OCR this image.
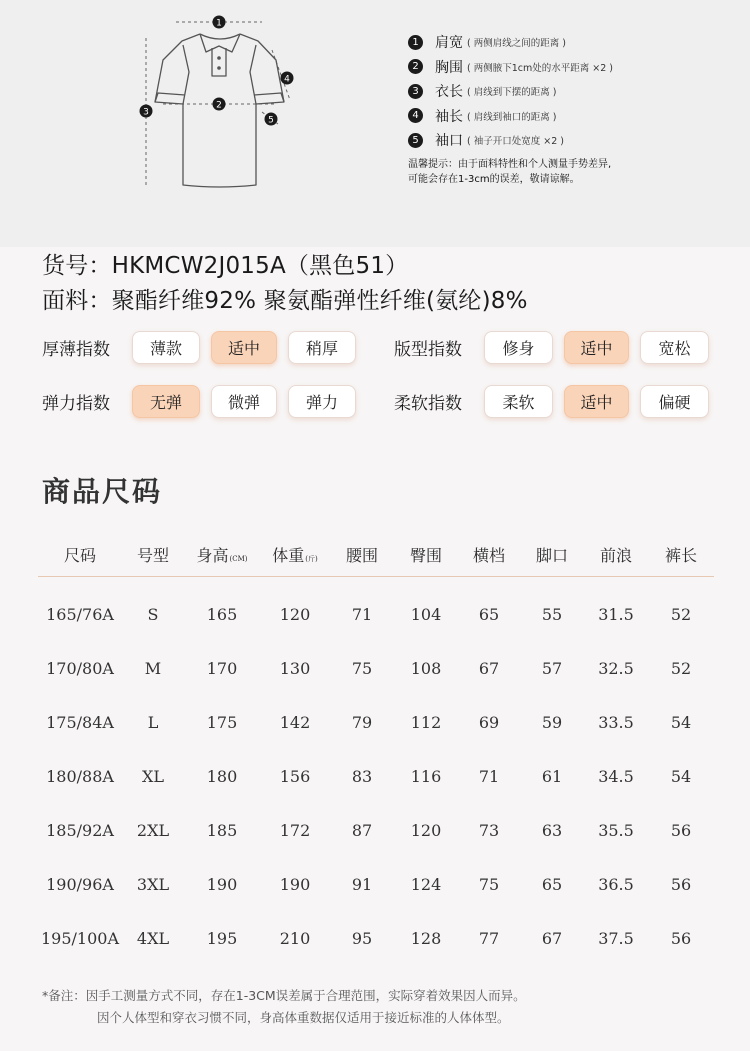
1
2
3
4
5
1	肩宽 ( 两侧肩线之间的距离 )
2	胸围 ( 两侧腋下1cm处的水平距离 ×2 )
3	衣长 ( 肩线到下摆的距离 )
4	袖长 ( 肩线到袖口的距离 )
5	袖口 ( 袖子开口处宽度 ×2 )
温馨提示：由于面料特性和个人测量手势差异,
可能会存在1-3cm的误差，敬请谅解。
货号：HKMCW2J015A（黑色51）
面料：聚酯纤维92% 聚氨酯弹性纤维(氨纶)8%
厚薄指数	薄款	适中	稍厚	版型指数	修身	适中	宽松
弹力指数	无弹	微弹	弹力	柔软指数	柔软	适中	偏硬
商品尺码
尺码	号型	身高(CM)	体重(斤)	腰围	臀围	横档	脚口	前浪	裤长
165/76A	S	165	120	71	104	65	55	31.5	52
170/80A	M	170	130	75	108	67	57	32.5	52
175/84A	L	175	142	79	112	69	59	33.5	54
180/88A	XL	180	156	83	116	71	61	34.5	54
185/92A	2XL	185	172	87	120	73	63	35.5	56
190/96A	3XL	190	190	91	124	75	65	36.5	56
195/100A	4XL	195	210	95	128	77	67	37.5	56
*备注：因手工测量方式不同，存在1-3CM误差属于合理范围，实际穿着效果因人而异。
因个人体型和穿衣习惯不同，身高体重数据仅适用于接近标准的人体体型。
